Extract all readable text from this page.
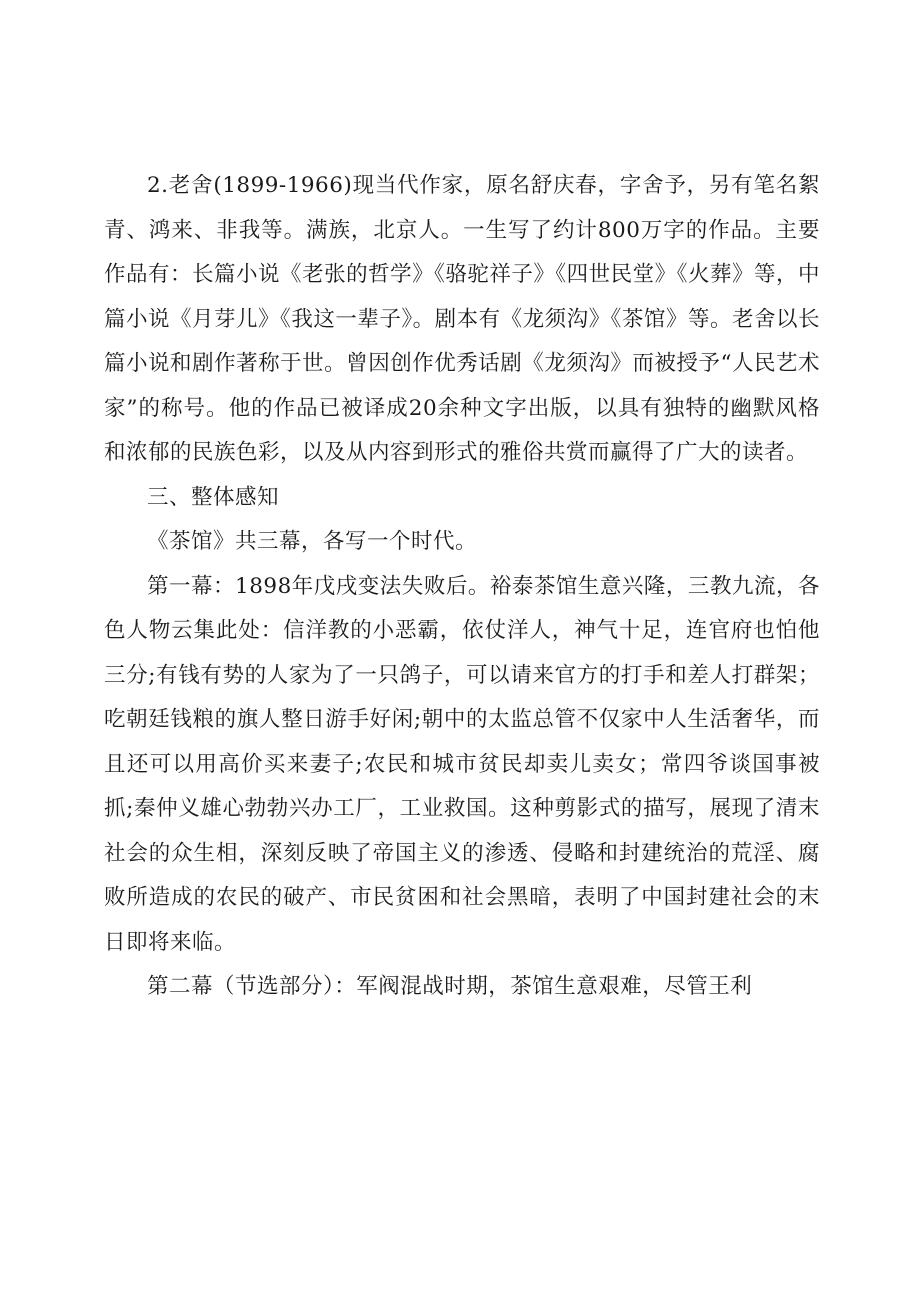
2.老舍(1899-1966)现当代作家，原名舒庆春，字舍予，另有笔名絮青、鸿来、非我等。满族，北京人。一生写了约计800万字的作品。主要作品有：长篇小说《老张的哲学》《骆驼祥子》《四世民堂》《火葬》等，中篇小说《月芽儿》《我这一辈子》。剧本有《龙须沟》《茶馆》等。老舍以长篇小说和剧作著称于世。曾因创作优秀话剧《龙须沟》而被授予“人民艺术家”的称号。他的作品已被译成20余种文字出版，以具有独特的幽默风格和浓郁的民族色彩，以及从内容到形式的雅俗共赏而赢得了广大的读者。

三、整体感知

《茶馆》共三幕，各写一个时代。

第一幕：1898年戊戌变法失败后。裕泰茶馆生意兴隆，三教九流，各色人物云集此处：信洋教的小恶霸，依仗洋人，神气十足，连官府也怕他三分;有钱有势的人家为了一只鸽子，可以请来官方的打手和差人打群架；吃朝廷钱粮的旗人整日游手好闲;朝中的太监总管不仅家中人生活奢华，而且还可以用高价买来妻子;农民和城市贫民却卖儿卖女；常四爷谈国事被抓;秦仲义雄心勃勃兴办工厂，工业救国。这种剪影式的描写，展现了清末社会的众生相，深刻反映了帝国主义的渗透、侵略和封建统治的荒淫、腐败所造成的农民的破产、市民贫困和社会黑暗，表明了中国封建社会的末日即将来临。

第二幕（节选部分）：军阀混战时期，茶馆生意艰难，尽管王利
